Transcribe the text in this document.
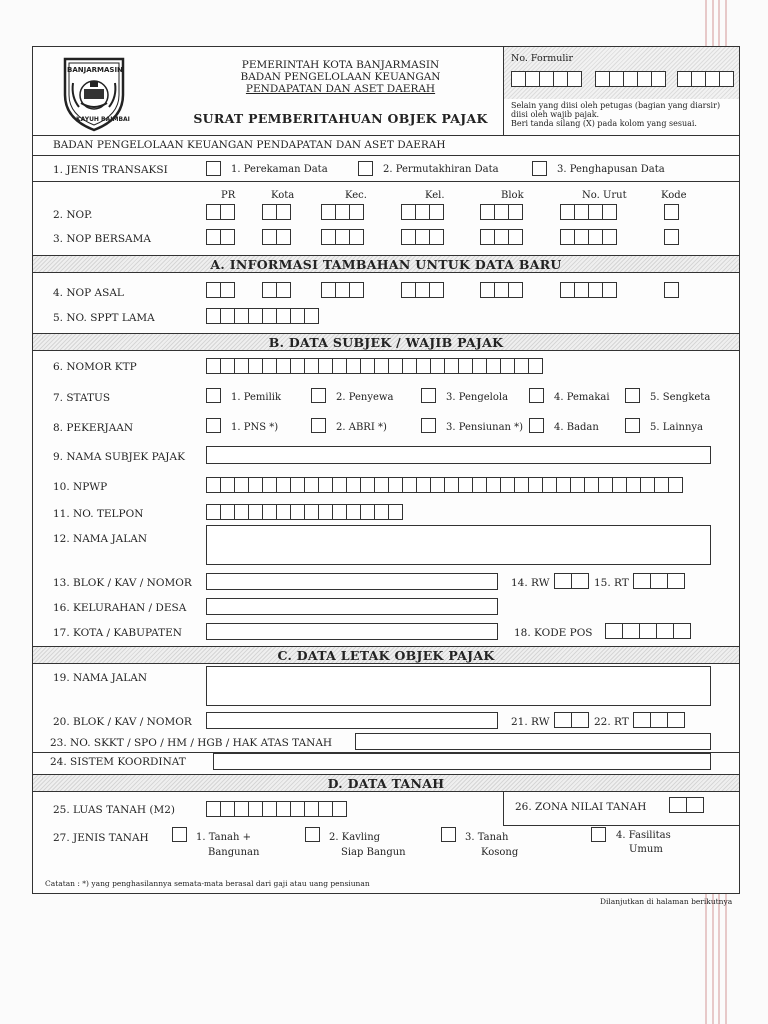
BANJARMASIN
KAYUH BAIMBAI
PEMERINTAH KOTA BANJARMASIN
BADAN PENGELOLAAN KEUANGAN
PENDAPATAN DAN ASET DAERAH
SURAT PEMBERITAHUAN OBJEK PAJAK
No. Formulir
Selain yang diisi oleh petugas (bagian yang diarsir)
diisi oleh wajib pajak.
Beri tanda silang (X) pada kolom yang sesuai.
BADAN PENGELOLAAN KEUANGAN PENDAPATAN DAN ASET DAERAH
1. JENIS TRANSAKSI	1. Perekaman Data	2. Permutakhiran Data	3. Penghapusan Data
PR	Kota	Kec.	Kel.	Blok	No. Urut	Kode
2. NOP.
3. NOP BERSAMA
A. INFORMASI TAMBAHAN UNTUK DATA BARU
4. NOP ASAL
5. NO. SPPT LAMA
B. DATA SUBJEK / WAJIB PAJAK
6. NOMOR KTP
7. STATUS	1. Pemilik	2. Penyewa	3. Pengelola	4. Pemakai	5. Sengketa
8. PEKERJAAN	1. PNS *)	2. ABRI *)	3. Pensiunan *)	4. Badan	5. Lainnya
9. NAMA SUBJEK PAJAK
10. NPWP
11. NO. TELPON
12. NAMA JALAN
13. BLOK / KAV / NOMOR	14. RW	15. RT
16. KELURAHAN / DESA
17. KOTA / KABUPATEN	18. KODE POS
C. DATA LETAK OBJEK PAJAK
19. NAMA JALAN
20. BLOK / KAV / NOMOR	21. RW	22. RT
23. NO. SKKT / SPO / HM / HGB / HAK ATAS TANAH
24. SISTEM KOORDINAT
D. DATA TANAH
25. LUAS TANAH (M2)	26. ZONA NILAI TANAH
27. JENIS TANAH	1. Tanah +
Bangunan
2. Kavling
Siap Bangun
3. Tanah
Kosong
4. Fasilitas
Umum
Catatan : *) yang penghasilannya semata-mata berasal dari gaji atau uang pensiunan
Dilanjutkan di halaman berikutnya
